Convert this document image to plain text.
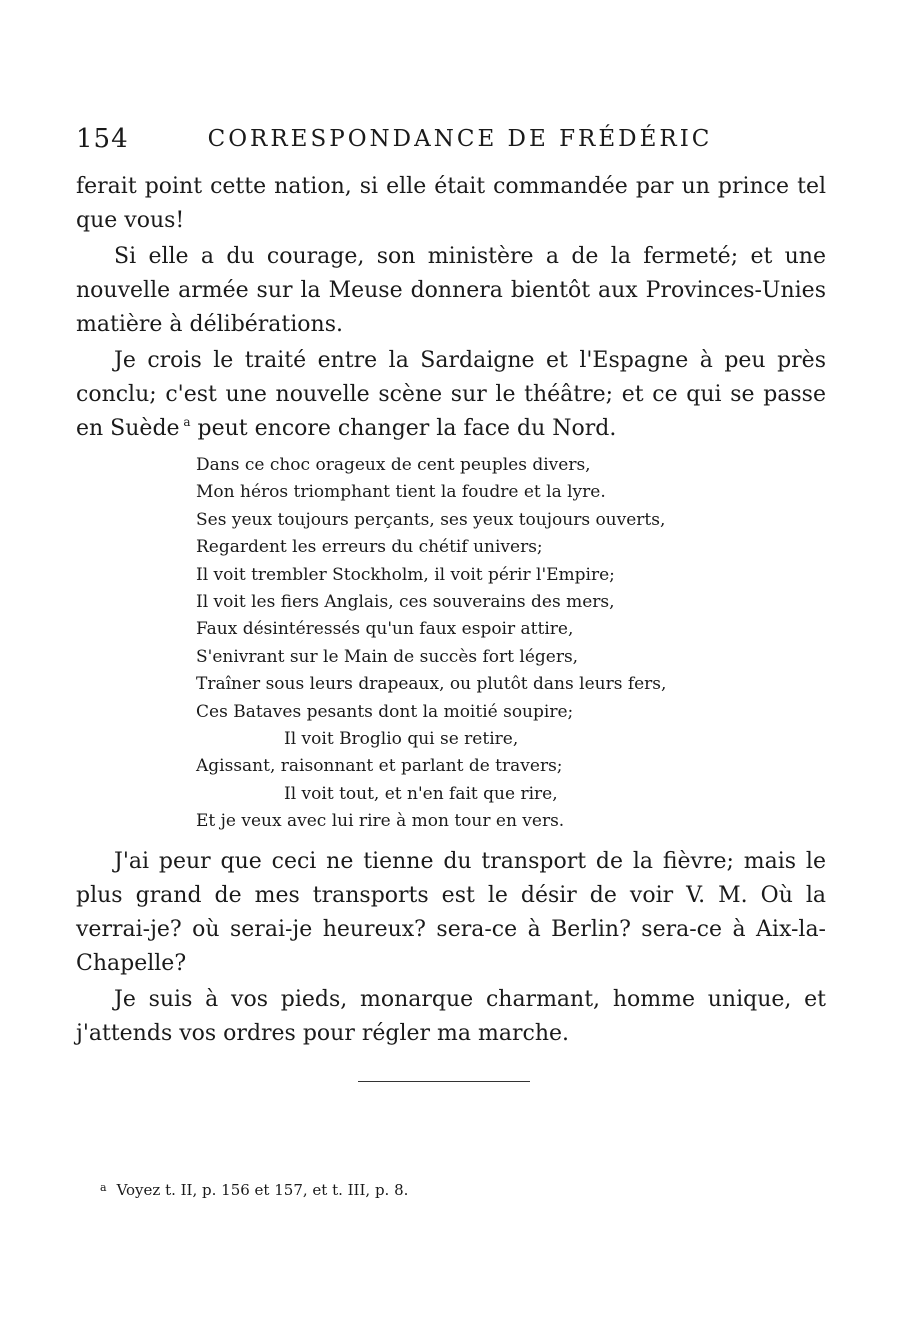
154	CORRESPONDANCE DE FRÉDÉRIC

ferait point cette nation, si elle était commandée par un prince tel que vous!

Si elle a du courage, son ministère a de la fermeté; et une nouvelle armée sur la Meuse donnera bientôt aux Provinces-Unies matière à délibérations.

Je crois le traité entre la Sardaigne et l'Espagne à peu près conclu; c'est une nouvelle scène sur le théâtre; et ce qui se passe en Suède $^a$ peut encore changer la face du Nord.

Dans ce choc orageux de cent peuples divers,
Mon héros triomphant tient la foudre et la lyre.
Ses yeux toujours perçants, ses yeux toujours ouverts,
Regardent les erreurs du chétif univers;
Il voit trembler Stockholm, il voit périr l'Empire;
Il voit les fiers Anglais, ces souverains des mers,
Faux désintéressés qu'un faux espoir attire,
S'enivrant sur le Main de succès fort légers,
Traîner sous leurs drapeaux, ou plutôt dans leurs fers,
Ces Bataves pesants dont la moitié soupire;
Il voit Broglio qui se retire,
Agissant, raisonnant et parlant de travers;
Il voit tout, et n'en fait que rire,
Et je veux avec lui rire à mon tour en vers.

J'ai peur que ceci ne tienne du transport de la fièvre; mais le plus grand de mes transports est le désir de voir V. M. Où la verrai-je? où serai-je heureux? sera-ce à Berlin? sera-ce à Aix-la-Chapelle?

Je suis à vos pieds, monarque charmant, homme unique, et j'attends vos ordres pour régler ma marche.

$^a$ Voyez t. II, p. 156 et 157, et t. III, p. 8.
